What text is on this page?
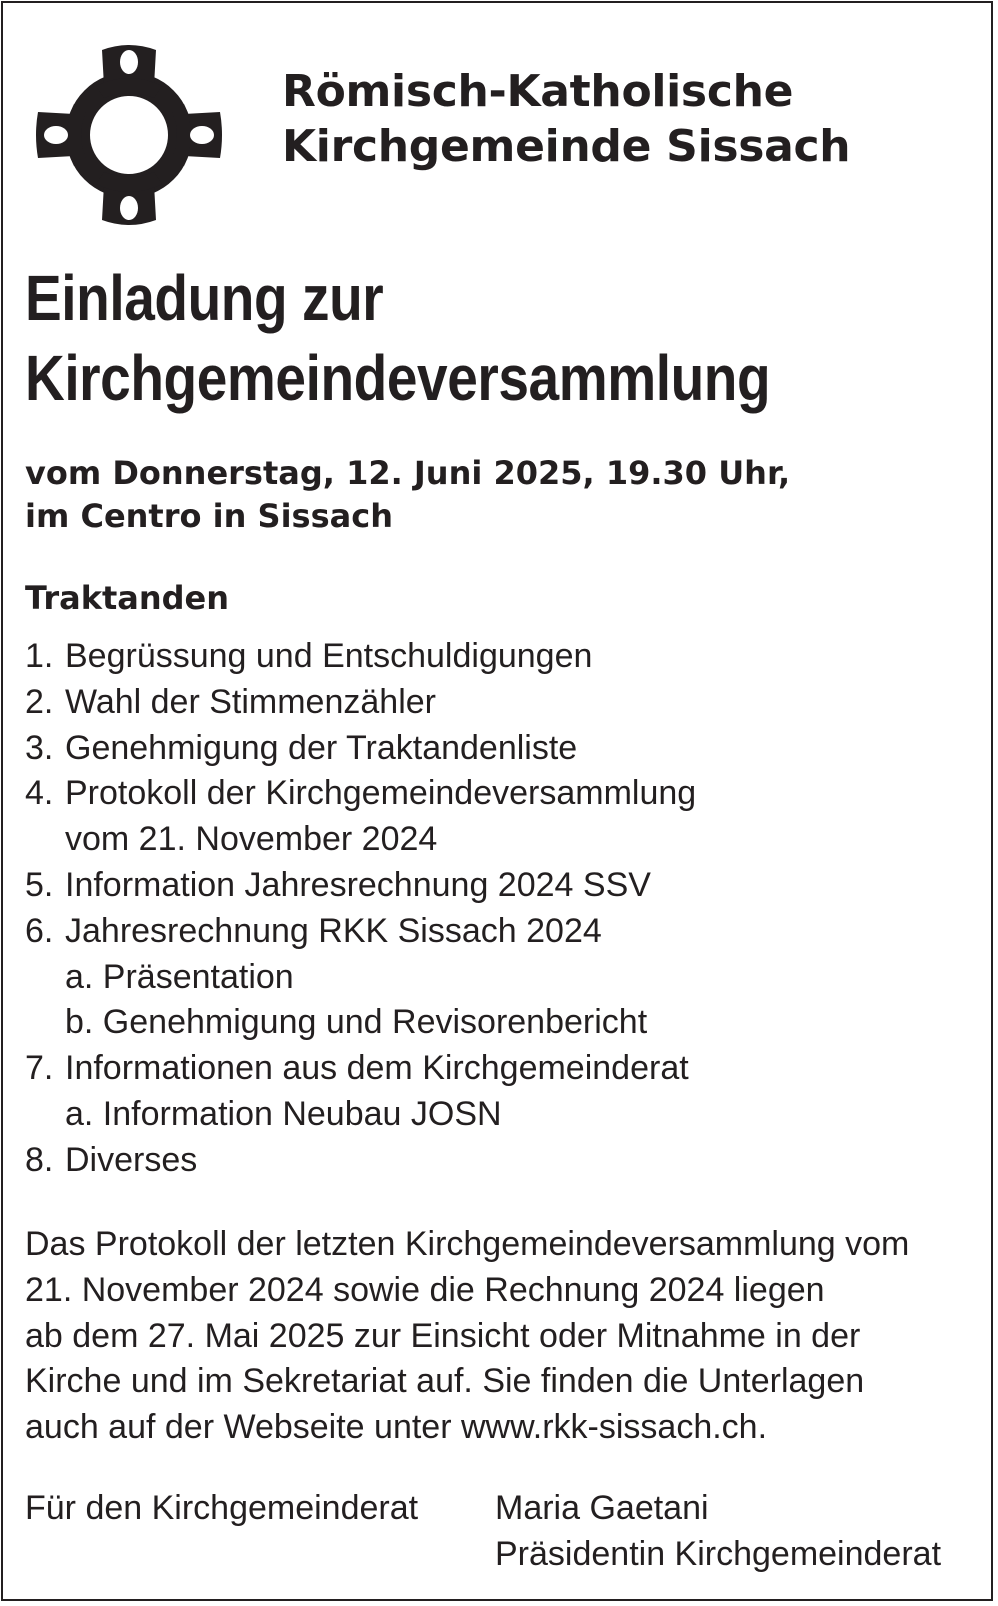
Römisch-Katholische
Kirchgemeinde Sissach
Einladung zur
Kirchgemeindeversammlung
vom Donnerstag, 12. Juni 2025, 19.30 Uhr,
im Centro in Sissach
Traktanden
1. Begrüssung und Entschuldigungen
2. Wahl der Stimmenzähler
3. Genehmigung der Traktandenliste
4. Protokoll der Kirchgemeindeversammlung
vom 21. November 2024
5. Information Jahresrechnung 2024 SSV
6. Jahresrechnung RKK Sissach 2024
a. Präsentation
b. Genehmigung und Revisorenbericht
7. Informationen aus dem Kirchgemeinderat
a. Information Neubau JOSN
8. Diverses
Das Protokoll der letzten Kirchgemeindeversammlung vom
21. November 2024 sowie die Rechnung 2024 liegen
ab dem 27. Mai 2025 zur Einsicht oder Mitnahme in der
Kirche und im Sekretariat auf. Sie finden die Unterlagen
auch auf der Webseite unter www.rkk-sissach.ch.
Für den Kirchgemeinderat Maria Gaetani
Präsidentin Kirchgemeinderat
